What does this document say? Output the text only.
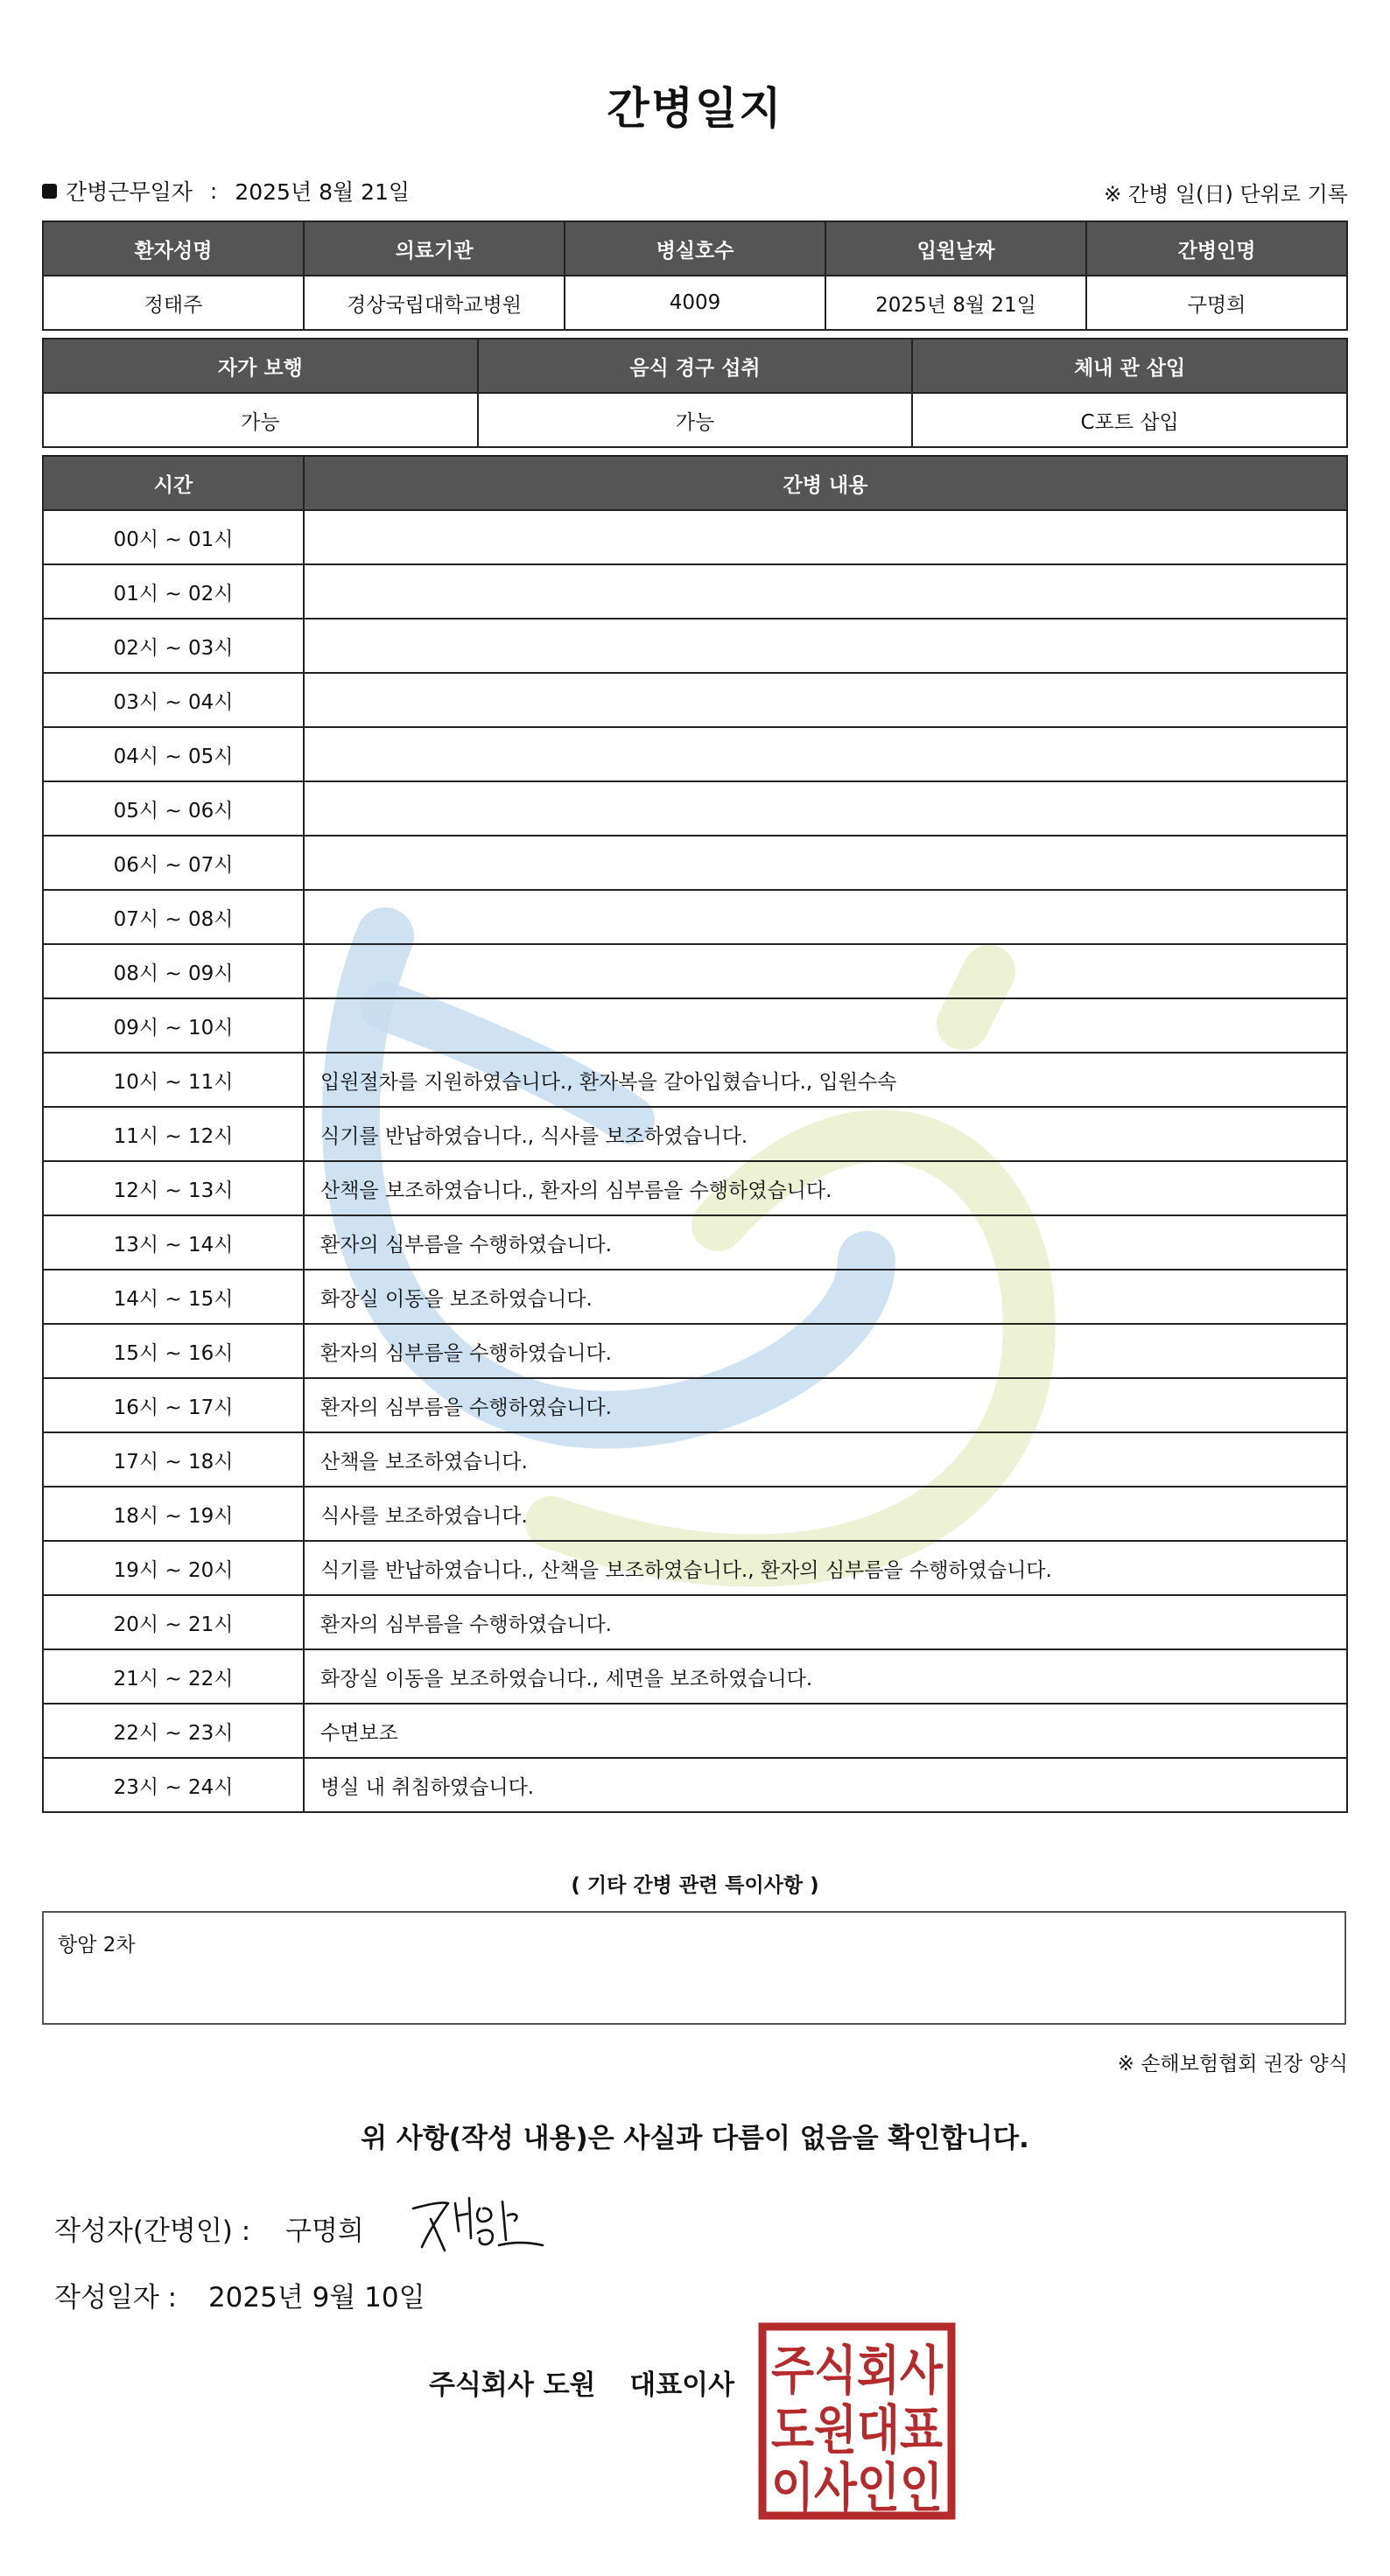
간병일지
간병근무일자 : 2025년 8월 21일	※ 간병 일(日) 단위로 기록
환자성명	의료기관	병실호수	입원날짜	간병인명
정태주	경상국립대학교병원	4009	2025년 8월 21일	구명희
자가 보행	음식 경구 섭취	체내 관 삽입
가능	가능	C포트 삽입
시간	간병 내용
00시 ~ 01시	
01시 ~ 02시	
02시 ~ 03시	
03시 ~ 04시	
04시 ~ 05시	
05시 ~ 06시	
06시 ~ 07시	
07시 ~ 08시	
08시 ~ 09시	
09시 ~ 10시	
10시 ~ 11시	입원절차를 지원하였습니다., 환자복을 갈아입혔습니다., 입원수속
11시 ~ 12시	식기를 반납하였습니다., 식사를 보조하였습니다.
12시 ~ 13시	산책을 보조하였습니다., 환자의 심부름을 수행하였습니다.
13시 ~ 14시	환자의 심부름을 수행하였습니다.
14시 ~ 15시	화장실 이동을 보조하였습니다.
15시 ~ 16시	환자의 심부름을 수행하였습니다.
16시 ~ 17시	환자의 심부름을 수행하였습니다.
17시 ~ 18시	산책을 보조하였습니다.
18시 ~ 19시	식사를 보조하였습니다.
19시 ~ 20시	식기를 반납하였습니다., 산책을 보조하였습니다., 환자의 심부름을 수행하였습니다.
20시 ~ 21시	환자의 심부름을 수행하였습니다.
21시 ~ 22시	화장실 이동을 보조하였습니다., 세면을 보조하였습니다.
22시 ~ 23시	수면보조
23시 ~ 24시	병실 내 취침하였습니다.
( 기타 간병 관련 특이사항 )
항암 2차
※ 손해보험협회 권장 양식
위 사항(작성 내용)은 사실과 다름이 없음을 확인합니다.
작성자(간병인) : 구명희
작성일자 : 2025년 9월 10일
주식회사 도원 대표이사 주식회사
도원대표
이사인인
